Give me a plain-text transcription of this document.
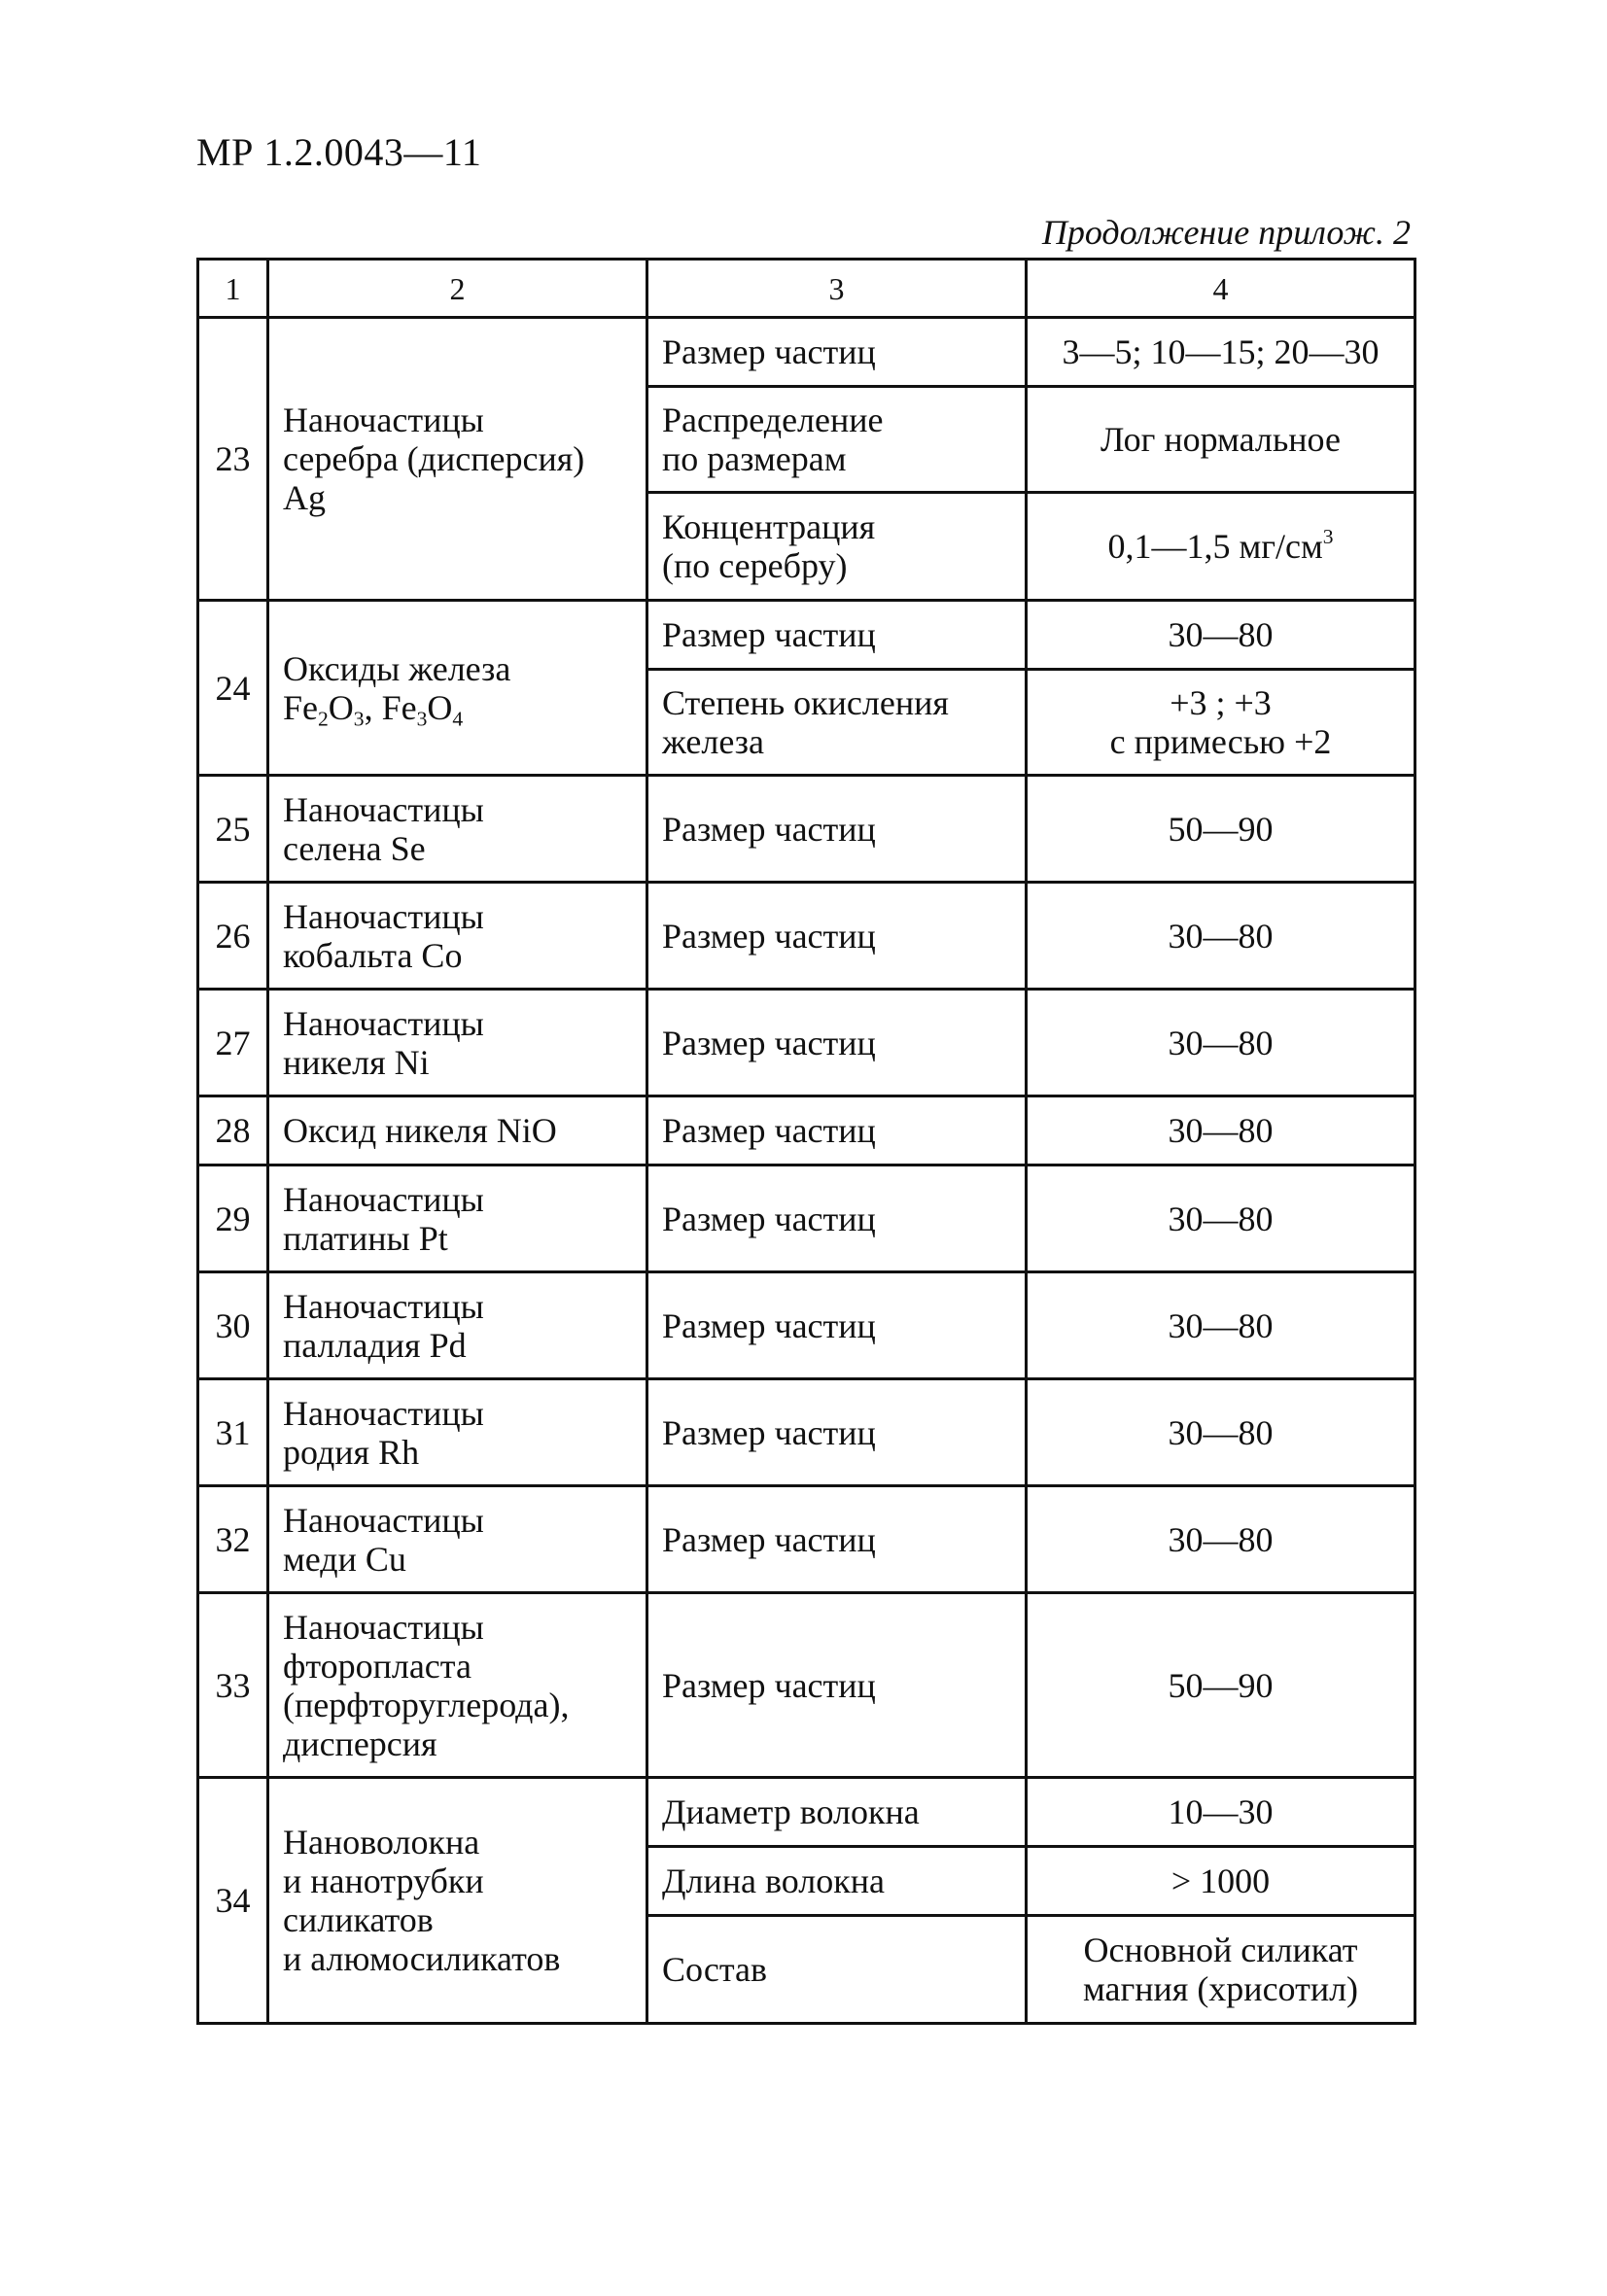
МР 1.2.0043—11
Продолжение прилож. 2
1	2	3	4
23	Наночастицы
серебра (дисперсия)
Ag	Размер частиц	3—5; 10—15; 20—30

		Распределение
по размерам	Лог нормальное

		Концентрация
(по серебру)	0,1—1,5 $мг/см^3$
24	Оксиды железа
$Fe_2O_3$, $Fe_3O_4$	Размер частиц	30—80

		Степень окисления
железа	+3 ; +3
с примесью +2

25	Наночастицы
селена Se	Размер частиц	50—90
26	Наночастицы
кобальта Co	Размер частиц	30—80
27	Наночастицы
никеля Ni	Размер частиц	30—80
28	Оксид никеля NiO	Размер частиц	30—80
29	Наночастицы
платины Pt	Размер частиц	30—80
30	Наночастицы
палладия Pd	Размер частиц	30—80
31	Наночастицы
родия Rh	Размер частиц	30—80
32	Наночастицы
меди Cu	Размер частиц	30—80
33	Наночастицы
фторопласта
(перфторуглерода),
дисперсия	Размер частиц	50—90
34	Нановолокна
и нанотрубки
силикатов
и алюмосиликатов	Диаметр волокна	10—30
		Длина волокна	> 1000
		Состав	Основной силикат
магния (хрисотил)
